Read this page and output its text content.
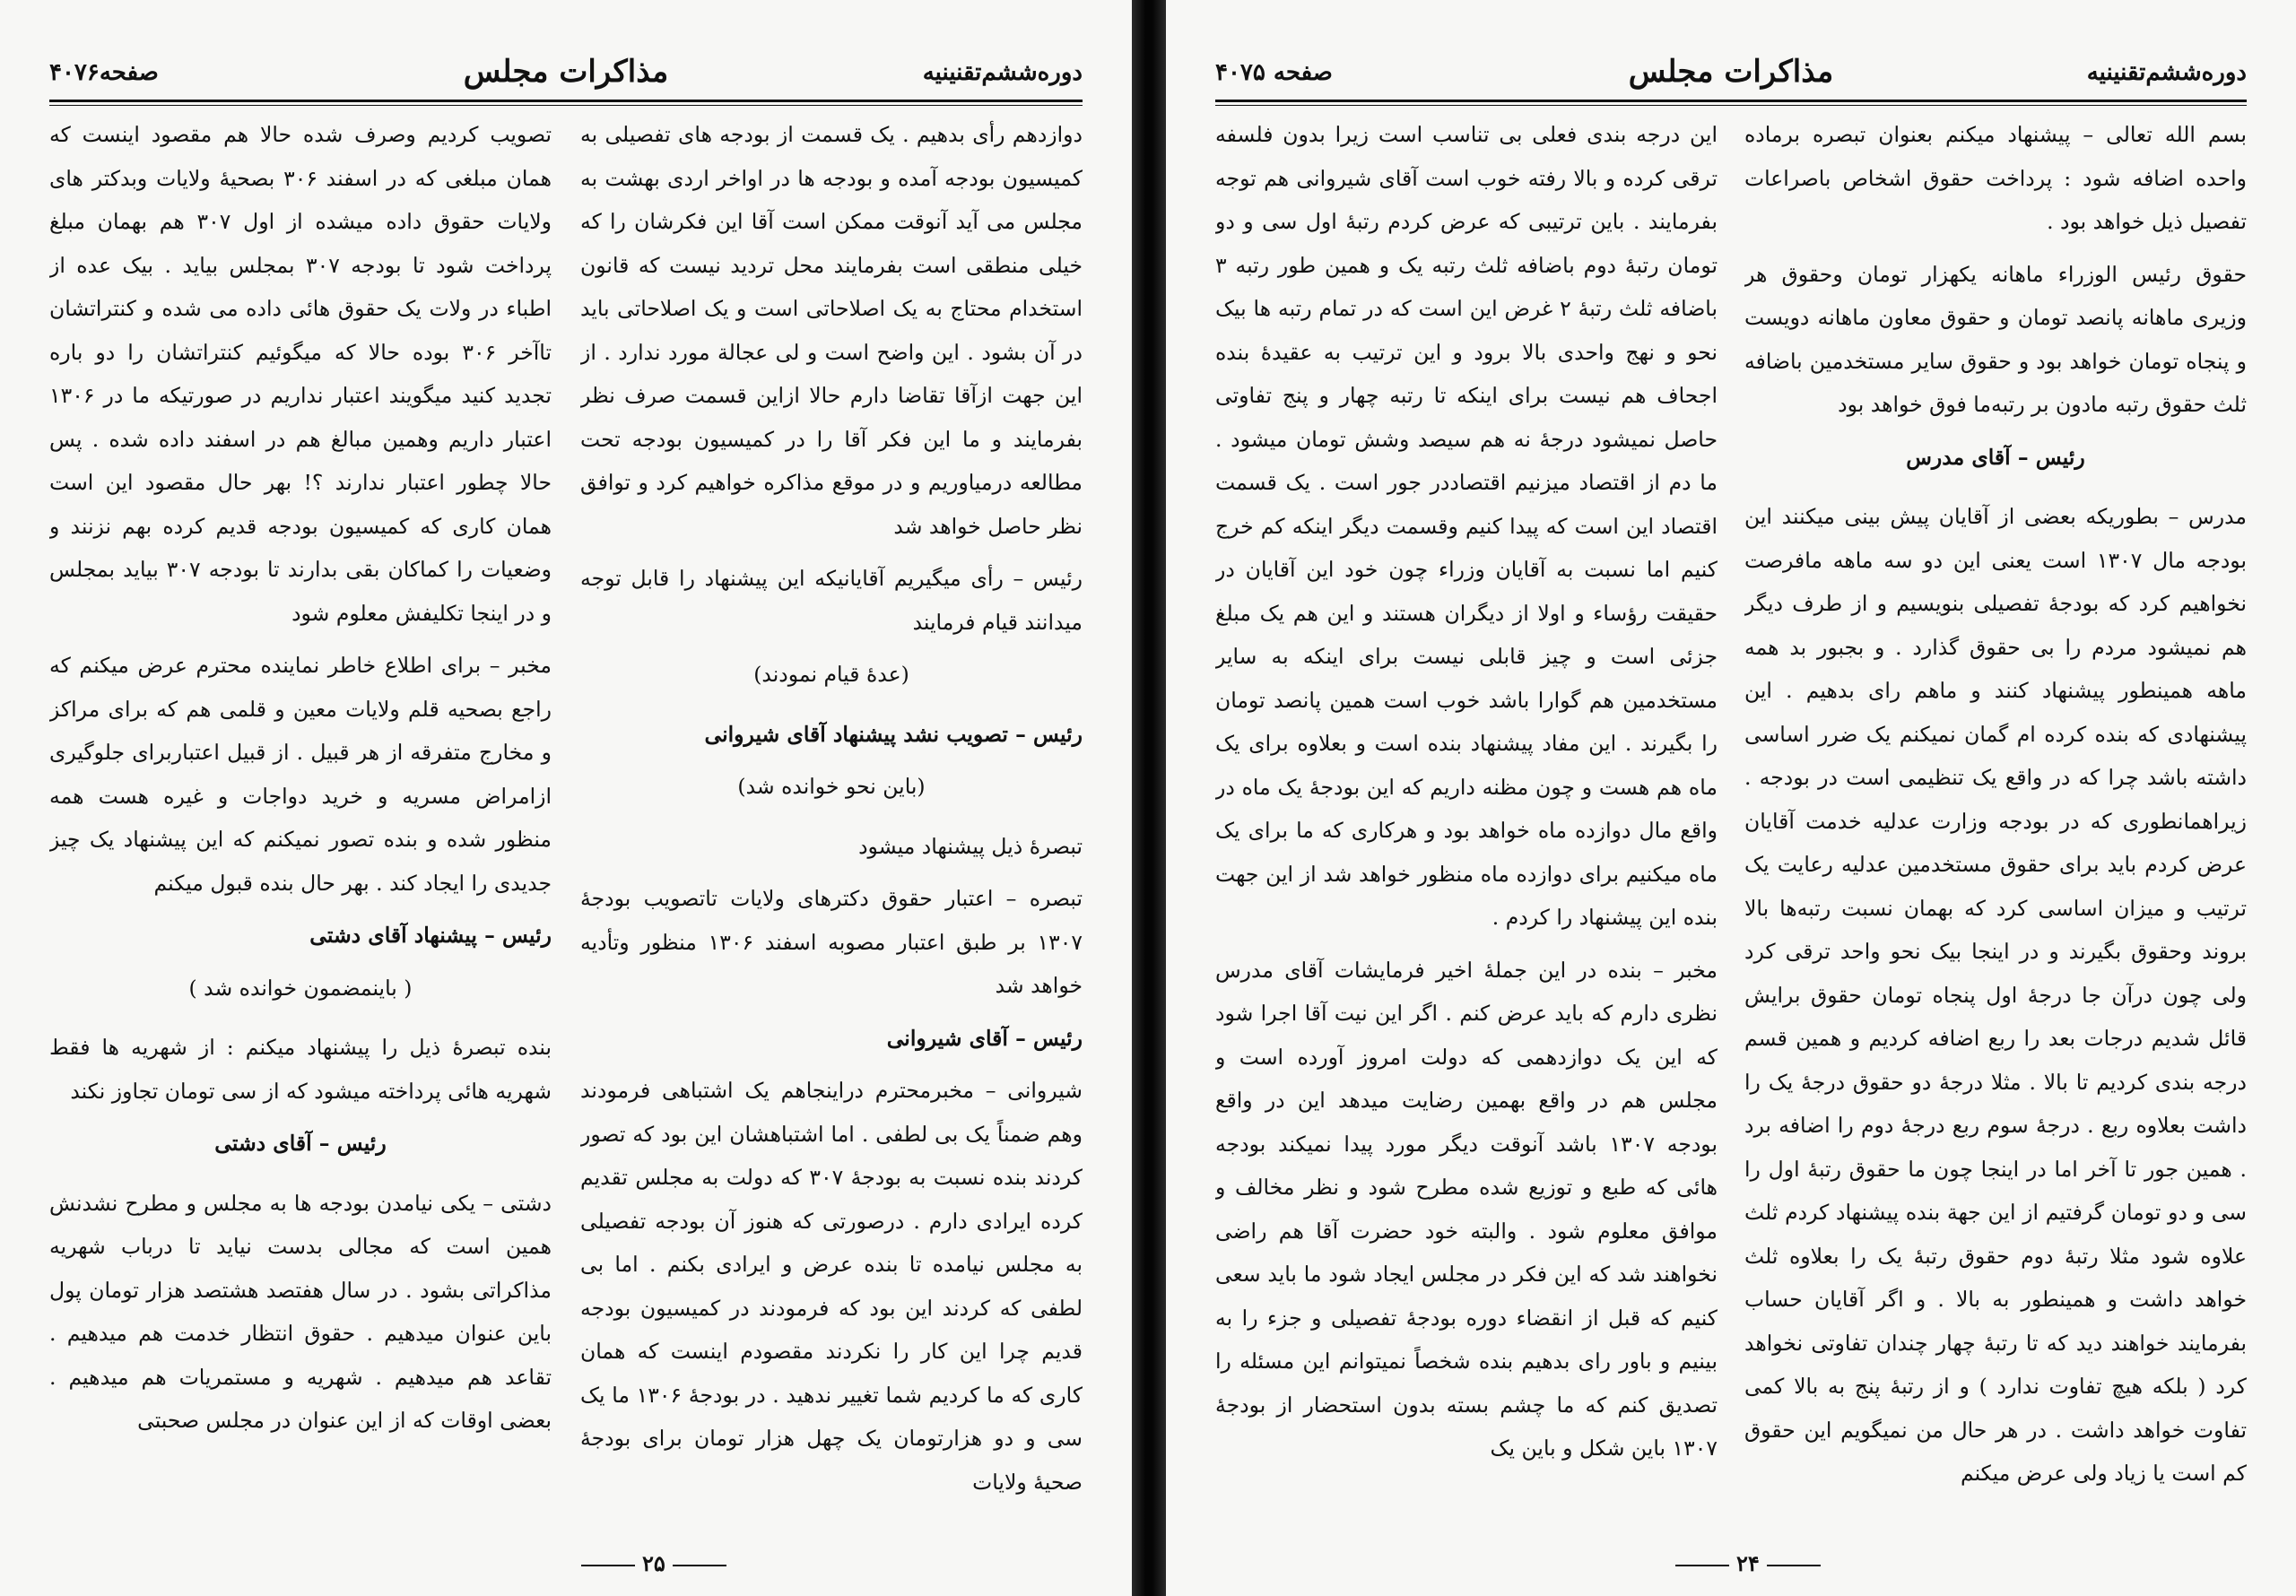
دوره‌ششم‌تقنینیه
مذاکرات مجلس
صفحه۴۰۷۶

دوازدهم رأی بدهیم . یک قسمت از بودجه های تفصیلی به کمیسیون بودجه آمده و بودجه ها در اواخر اردی بهشت به مجلس می آید آنوقت ممکن است آقا این فکرشان را که خیلی منطقی است بفرمایند محل تردید نیست که قانون استخدام محتاج به یک اصلاحاتی است و یک اصلاحاتی باید در آن بشود . این واضح است و لی عجالة مورد ندارد . از این جهت ازآقا تقاضا دارم حالا ازاین قسمت صرف نظر بفرمایند و ما این فکر آقا را در کمیسیون بودجه تحت مطالعه درمیاوریم و در موقع مذاکره خواهیم کرد و توافق نظر حاصل خواهد شد

رئیس – رأی میگیریم آقایانیکه این پیشنهاد را قابل توجه میدانند قیام فرمایند

(عدهٔ قیام نمودند)

رئیس – تصویب نشد پیشنهاد آقای شیروانی

(باین نحو خوانده شد)

تبصرهٔ ذیل پیشنهاد میشود

تبصره – اعتبار حقوق دکترهای ولایات تاتصویب بودجهٔ ۱۳۰۷ بر طبق اعتبار مصوبه اسفند ۱۳۰۶ منظور وتأدیه خواهد شد

رئیس – آقای شیروانی

شیروانی – مخبرمحترم دراینجاهم یک اشتباهی فرمودند وهم ضمناً یک بی لطفی . اما اشتباهشان این بود که تصور کردند بنده نسبت به بودجهٔ ۳۰۷ که دولت به مجلس تقدیم کرده ایرادی دارم . درصورتی که هنوز آن بودجه تفصیلی به مجلس نیامده تا بنده عرض و ایرادی بکنم . اما بی لطفی که کردند این بود که فرمودند در کمیسیون بودجه قدیم چرا این کار را نکردند مقصودم اینست که همان کاری که ما کردیم شما تغییر ندهید . در بودجهٔ ۱۳۰۶ ما یک سی و دو هزارتومان یک چهل هزار تومان برای بودجهٔ صحیهٔ ولایات

تصویب کردیم وصرف شده حالا هم مقصود اینست که همان مبلغی که در اسفند ۳۰۶ بصحیهٔ ولایات وبدکتر های ولایات حقوق داده میشده از اول ۳۰۷ هم بهمان مبلغ پرداخت شود تا بودجه ۳۰۷ بمجلس بیاید . بیک عده از اطباء در ولات یک حقوق هائی داده می شده و کنتراتشان تاآخر ۳۰۶ بوده حالا که میگوئیم کنتراتشان را دو باره تجدید کنید میگویند اعتبار نداریم در صورتیکه ما در ۱۳۰۶ اعتبار داریم وهمین مبالغ هم در اسفند داده شده . پس حالا چطور اعتبار ندارند ؟! بهر حال مقصود این است همان کاری که کمیسیون بودجه قدیم کرده بهم نزنند و وضعیات را کماکان بقی بدارند تا بودجه ۳۰۷ بیاید بمجلس و در اینجا تکلیفش معلوم شود

مخبر – برای اطلاع خاطر نماینده محترم عرض میکنم که راجع بصحیه قلم ولایات معین و قلمی هم که برای مراکز و مخارج متفرقه از هر قبیل . از قبیل اعتباربرای جلوگیری ازامراض مسریه و خرید دواجات و غیره هست همه منظور شده و بنده تصور نمیکنم که این پیشنهاد یک چیز جدیدی را ایجاد کند . بهر حال بنده قبول میکنم

رئیس – پیشنهاد آقای دشتی

( باینمضمون خوانده شد )

بنده تبصرهٔ ذیل را پیشنهاد میکنم : از شهریه ها فقط شهریه هائی پرداخته میشود که از سی تومان تجاوز نکند

رئیس – آقای دشتی

دشتی – یکی نیامدن بودجه ها به مجلس و مطرح نشدنش همین است که مجالی بدست نیاید تا درباب شهریه مذاکراتی بشود . در سال هفتصد هشتصد هزار تومان پول باین عنوان میدهیم . حقوق انتظار خدمت هم میدهیم . تقاعد هم میدهیم . شهریه و مستمریات هم میدهیم . بعضی اوقات که از این عنوان در مجلس صحبتی

۲۵
دوره‌ششم‌تقنینیه
مذاکرات مجلس
صفحه ۴۰۷۵

بسم الله تعالی – پیشنهاد میکنم بعنوان تبصره برماده واحده اضافه شود : پرداخت حقوق اشخاص باصراعات تفصیل ذیل خواهد بود .

حقوق رئیس الوزراء ماهانه یکهزار تومان وحقوق هر وزیری ماهانه پانصد تومان و حقوق معاون ماهانه دویست و پنجاه تومان خواهد بود و حقوق سایر مستخدمین باضافه ثلث حقوق رتبه مادون بر رتبه‌ما فوق خواهد بود

رئیس – آقای مدرس

مدرس – بطوریکه بعضی از آقایان پیش بینی میکنند این بودجه مال ۱۳۰۷ است یعنی این دو سه ماهه مافرصت نخواهیم کرد که بودجهٔ تفصیلی بنویسیم و از طرف دیگر هم نمیشود مردم را بی حقوق گذارد . و بجبور بد همه ماهه همینطور پیشنهاد کنند و ماهم رای بدهیم . این پیشنهادی که بنده کرده ام گمان نمیکنم یک ضرر اساسی داشته باشد چرا که در واقع یک تنظیمی است در بودجه . زیراهمانطوری که در بودجه وزارت عدلیه خدمت آقایان عرض کردم باید برای حقوق مستخدمین عدلیه رعایت یک ترتیب و میزان اساسی کرد که بهمان نسبت رتبه‌ها بالا بروند وحقوق بگیرند و در اینجا بیک نحو واحد ترقی کرد ولی چون درآن جا درجهٔ اول پنجاه تومان حقوق برایش قائل شدیم درجات بعد را ربع اضافه کردیم و همین قسم درجه بندی کردیم تا بالا . مثلا درجهٔ دو حقوق درجهٔ یک را داشت بعلاوه ربع . درجهٔ سوم ربع درجهٔ دوم را اضافه برد . همین جور تا آخر اما در اینجا چون ما حقوق رتبهٔ اول را سی و دو تومان گرفتیم از این جهة بنده پیشنهاد کردم ثلث علاوه شود مثلا رتبهٔ دوم حقوق رتبهٔ یک را بعلاوه ثلث خواهد داشت و همینطور به بالا . و اگر آقایان حساب بفرمایند خواهند دید که تا رتبهٔ چهار چندان تفاوتی نخواهد کرد ( بلکه هیچ تفاوت ندارد ) و از رتبهٔ پنج به بالا کمی تفاوت خواهد داشت . در هر حال من نمیگویم این حقوق کم است یا زیاد ولی عرض میکنم

این درجه بندی فعلی بی تناسب است زیرا بدون فلسفه ترقی کرده و بالا رفته خوب است آقای شیروانی هم توجه بفرمایند . باین ترتیبی که عرض کردم رتبهٔ اول سی و دو تومان رتبهٔ دوم باضافه ثلث رتبه یک و همین طور رتبه ۳ باضافه ثلث رتبهٔ ۲ غرض این است که در تمام رتبه ها بیک نحو و نهج واحدی بالا برود و این ترتیب به عقیدهٔ بنده اجحاف هم نیست برای اینکه تا رتبه چهار و پنج تفاوتی حاصل نمیشود درجهٔ نه هم سیصد وشش تومان میشود . ما دم از اقتصاد میزنیم اقتصاددر جور است . یک قسمت اقتصاد این است که پیدا کنیم وقسمت دیگر اینکه کم خرج کنیم اما نسبت به آقایان وزراء چون خود این آقایان در حقیقت رؤساء و اولا از دیگران هستند و این هم یک مبلغ جزئی است و چیز قابلی نیست برای اینکه به سایر مستخدمین هم گوارا باشد خوب است همین پانصد تومان را بگیرند . این مفاد پیشنهاد بنده است و بعلاوه برای یک ماه هم هست و چون مظنه داریم که این بودجهٔ یک ماه در واقع مال دوازده ماه خواهد بود و هرکاری که ما برای یک ماه میکنیم برای دوازده ماه منظور خواهد شد از این جهت بنده این پیشنهاد را کردم .

مخبر – بنده در این جملهٔ اخیر فرمایشات آقای مدرس نظری دارم که باید عرض کنم . اگر این نیت آقا اجرا شود که این یک دوازدهمی که دولت امروز آورده است و مجلس هم در واقع بهمین رضایت میدهد این در واقع بودجه ۱۳۰۷ باشد آنوقت دیگر مورد پیدا نمیکند بودجه هائی که طبع و توزیع شده مطرح شود و نظر مخالف و موافق معلوم شود . والبته خود حضرت آقا هم راضی نخواهند شد که این فکر در مجلس ایجاد شود ما باید سعی کنیم که قبل از انقضاء دوره بودجهٔ تفصیلی و جزء را به بینیم و باور رای بدهیم بنده شخصاً نمیتوانم این مسئله را تصدیق کنم که ما چشم بسته بدون استحضار از بودجهٔ ۱۳۰۷ باین شکل و باین یک

۲۴
